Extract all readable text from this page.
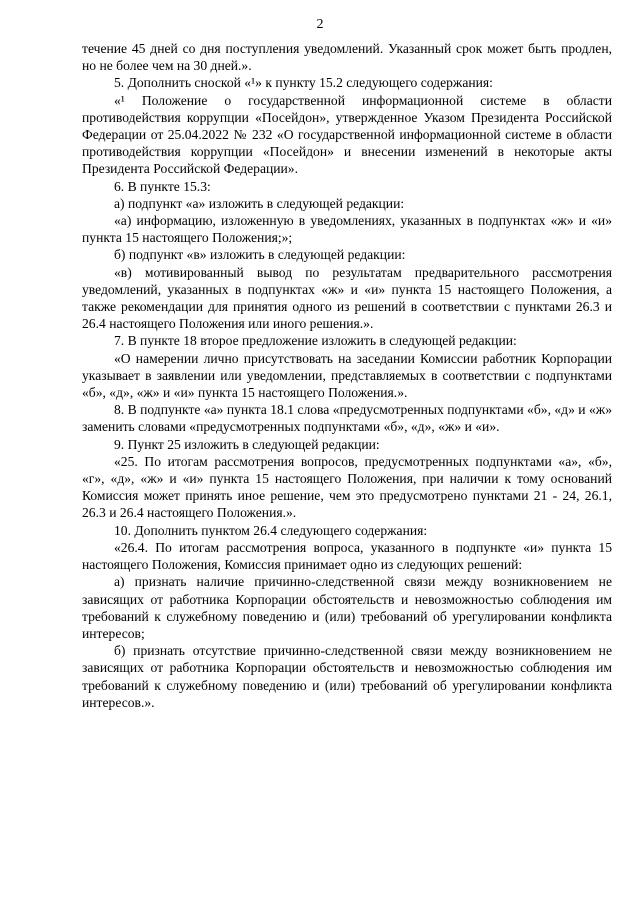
2

течение 45 дней со дня поступления уведомлений. Указанный срок может быть продлен, но не более чем на 30 дней.».

5. Дополнить сноской «¹» к пункту 15.2 следующего содержания:

«¹ Положение о государственной информационной системе в области противодействия коррупции «Посейдон», утвержденное Указом Президента Российской Федерации от 25.04.2022 № 232 «О государственной информационной системе в области противодействия коррупции «Посейдон» и внесении изменений в некоторые акты Президента Российской Федерации».

6. В пункте 15.3:

а) подпункт «а» изложить в следующей редакции:

«а) информацию, изложенную в уведомлениях, указанных в подпунктах «ж» и «и» пункта 15 настоящего Положения;»;

б) подпункт «в» изложить в следующей редакции:

«в) мотивированный вывод по результатам предварительного рассмотрения уведомлений, указанных в подпунктах «ж» и «и» пункта 15 настоящего Положения, а также рекомендации для принятия одного из решений в соответствии с пунктами 26.3 и 26.4 настоящего Положения или иного решения.».

7. В пункте 18 второе предложение изложить в следующей редакции:

«О намерении лично присутствовать на заседании Комиссии работник Корпорации указывает в заявлении или уведомлении, представляемых в соответствии с подпунктами «б», «д», «ж» и «и» пункта 15 настоящего Положения.».

8. В подпункте «а» пункта 18.1 слова «предусмотренных подпунктами «б», «д» и «ж» заменить словами «предусмотренных подпунктами «б», «д», «ж» и «и».

9. Пункт 25 изложить в следующей редакции:

«25. По итогам рассмотрения вопросов, предусмотренных подпунктами «а», «б», «г», «д», «ж» и «и» пункта 15 настоящего Положения, при наличии к тому оснований Комиссия может принять иное решение, чем это предусмотрено пунктами 21 - 24, 26.1, 26.3 и 26.4 настоящего Положения.».

10. Дополнить пунктом 26.4 следующего содержания:

«26.4. По итогам рассмотрения вопроса, указанного в подпункте «и» пункта 15 настоящего Положения, Комиссия принимает одно из следующих решений:

а) признать наличие причинно-следственной связи между возникновением не зависящих от работника Корпорации обстоятельств и невозможностью соблюдения им требований к служебному поведению и (или) требований об урегулировании конфликта интересов;

б) признать отсутствие причинно-следственной связи между возникновением не зависящих от работника Корпорации обстоятельств и невозможностью соблюдения им требований к служебному поведению и (или) требований об урегулировании конфликта интересов.».
